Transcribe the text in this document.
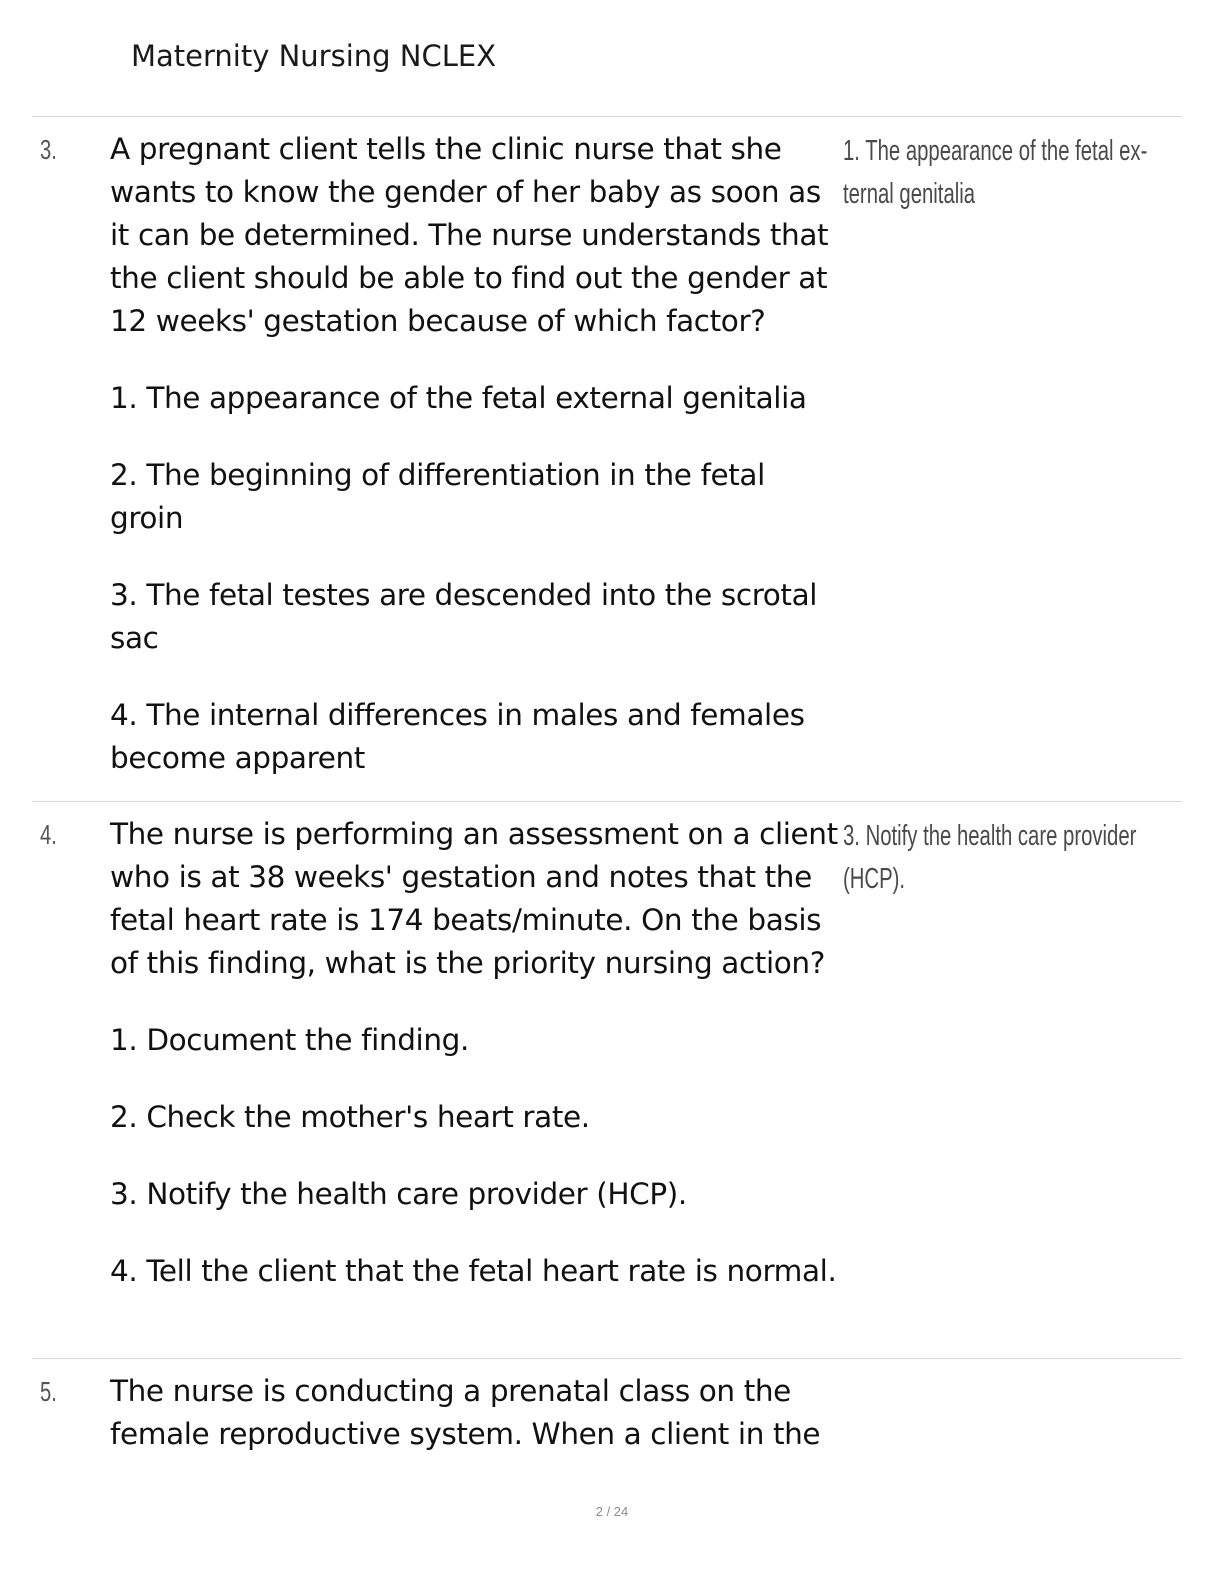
Maternity Nursing NCLEX
3. A pregnant client tells the clinic nurse that she wants to know the gender of her baby as soon as it can be determined. The nurse understands that the client should be able to find out the gender at 12 weeks' gestation because of which factor?

1. The appearance of the fetal external genitalia
2. The beginning of differentiation in the fetal groin
3. The fetal testes are descended into the scrotal sac
4. The internal differences in males and females become apparent
1. The appearance of the fetal ex- ternal genitalia
4. The nurse is performing an assessment on a client who is at 38 weeks' gestation and notes that the fetal heart rate is 174 beats/minute. On the basis of this finding, what is the priority nursing action?

1. Document the finding.
2. Check the mother's heart rate.
3. Notify the health care provider (HCP).
4. Tell the client that the fetal heart rate is normal.
3. Notify the health care provider (HCP).
5. The nurse is conducting a prenatal class on the female reproductive system. When a client in the

2 / 24
